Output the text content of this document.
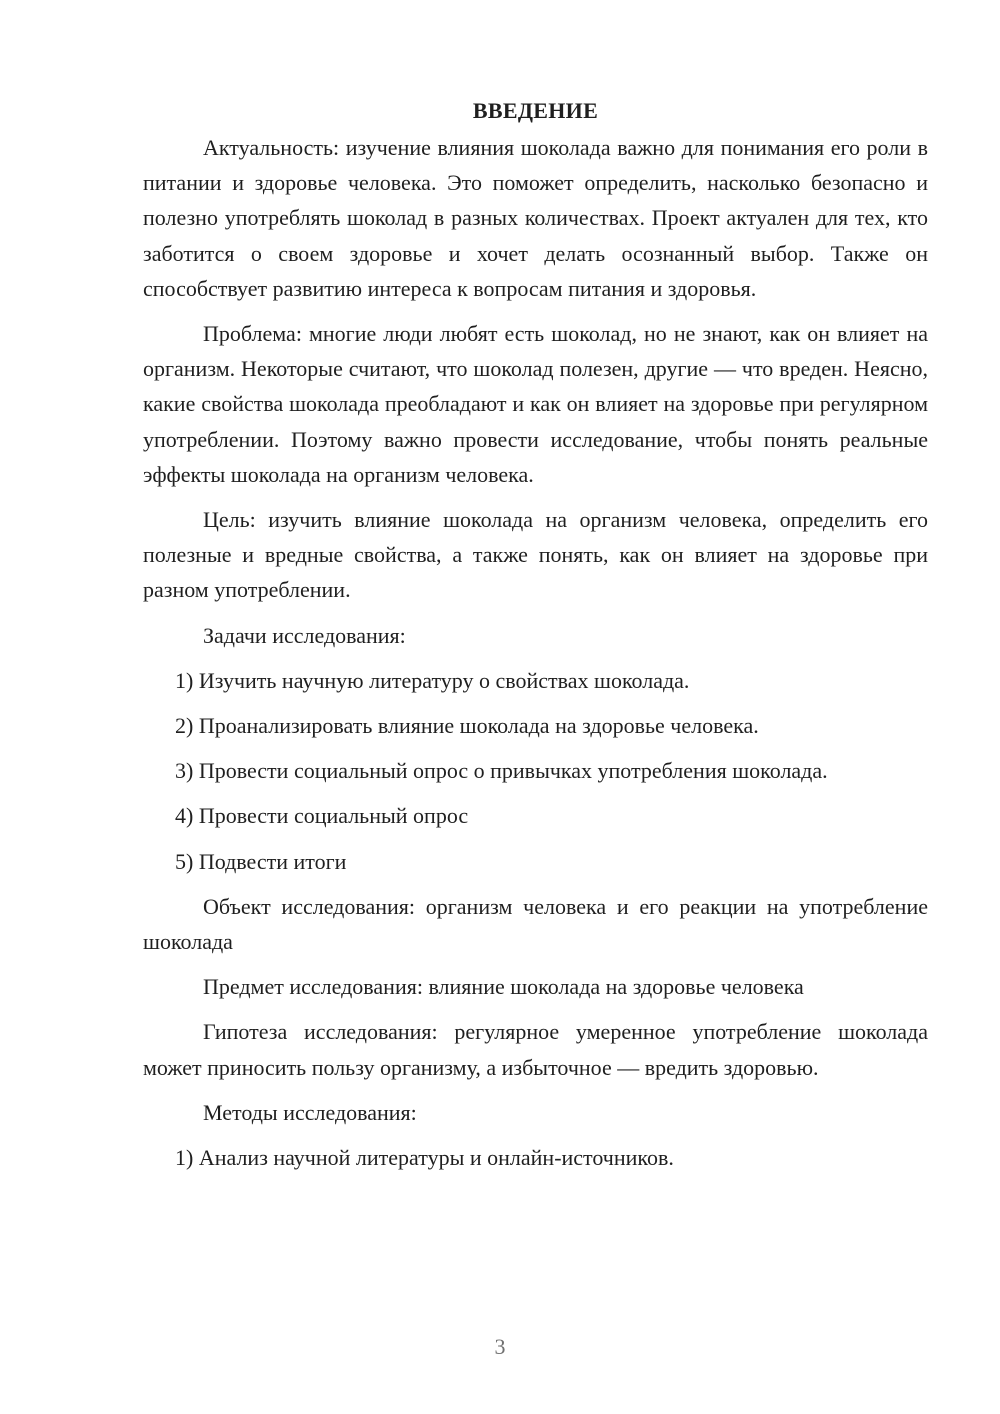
ВВЕДЕНИЕ

Актуальность: изучение влияния шоколада важно для понимания его роли в питании и здоровье человека. Это поможет определить, насколько безопасно и полезно употреблять шоколад в разных количествах. Проект актуален для тех, кто заботится о своем здоровье и хочет делать осознанный выбор. Также он способствует развитию интереса к вопросам питания и здоровья.

Проблема: многие люди любят есть шоколад, но не знают, как он влияет на организм. Некоторые считают, что шоколад полезен, другие — что вреден. Неясно, какие свойства шоколада преобладают и как он влияет на здоровье при регулярном употреблении. Поэтому важно провести исследование, чтобы понять реальные эффекты шоколада на организм человека.

Цель: изучить влияние шоколада на организм человека, определить его полезные и вредные свойства, а также понять, как он влияет на здоровье при разном употреблении.

Задачи исследования:

1) Изучить научную литературу о свойствах шоколада.
2) Проанализировать влияние шоколада на здоровье человека.
3) Провести социальный опрос о привычках употребления шоколада.
4) Провести социальный опрос
5) Подвести итоги

Объект исследования: организм человека и его реакции на употребление шоколада

Предмет исследования: влияние шоколада на здоровье человека

Гипотеза исследования: регулярное умеренное употребление шоколада может приносить пользу организму, а избыточное — вредить здоровью.

Методы исследования:

1) Анализ научной литературы и онлайн-источников.
3
